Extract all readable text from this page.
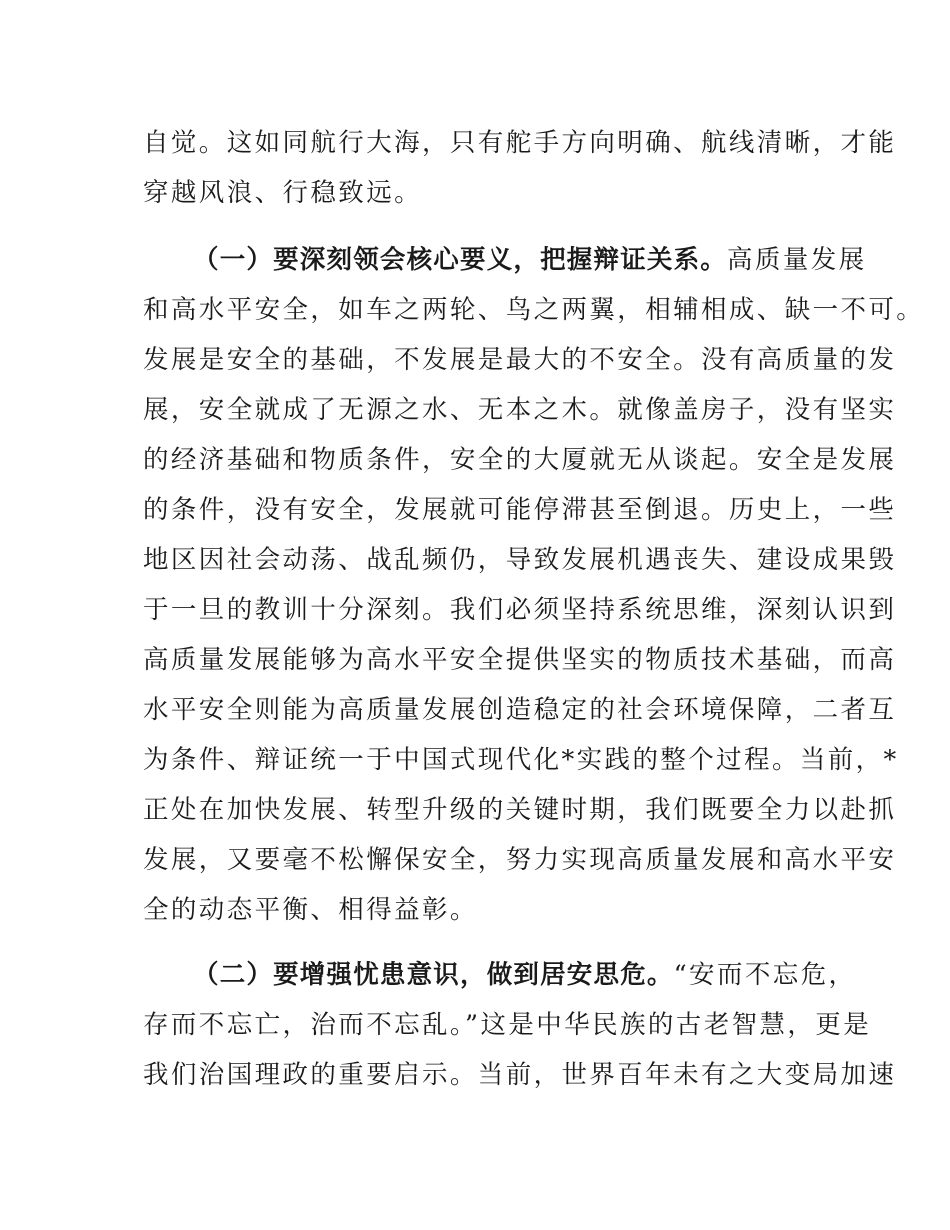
自觉。这如同航行大海，只有舵手方向明确、航线清晰，才能
穿越风浪、行稳致远。
（一）要深刻领会核心要义，把握辩证关系。高质量发展
和高水平安全，如车之两轮、鸟之两翼，相辅相成、缺一不可。
发展是安全的基础，不发展是最大的不安全。没有高质量的发
展，安全就成了无源之水、无本之木。就像盖房子，没有坚实
的经济基础和物质条件，安全的大厦就无从谈起。安全是发展
的条件，没有安全，发展就可能停滞甚至倒退。历史上，一些
地区因社会动荡、战乱频仍，导致发展机遇丧失、建设成果毁
于一旦的教训十分深刻。我们必须坚持系统思维，深刻认识到
高质量发展能够为高水平安全提供坚实的物质技术基础，而高
水平安全则能为高质量发展创造稳定的社会环境保障，二者互
为条件、辩证统一于中国式现代化*实践的整个过程。当前，*
正处在加快发展、转型升级的关键时期，我们既要全力以赴抓
发展，又要毫不松懈保安全，努力实现高质量发展和高水平安
全的动态平衡、相得益彰。
（二）要增强忧患意识，做到居安思危。“安而不忘危，
存而不忘亡，治而不忘乱。”这是中华民族的古老智慧，更是
我们治国理政的重要启示。当前，世界百年未有之大变局加速
